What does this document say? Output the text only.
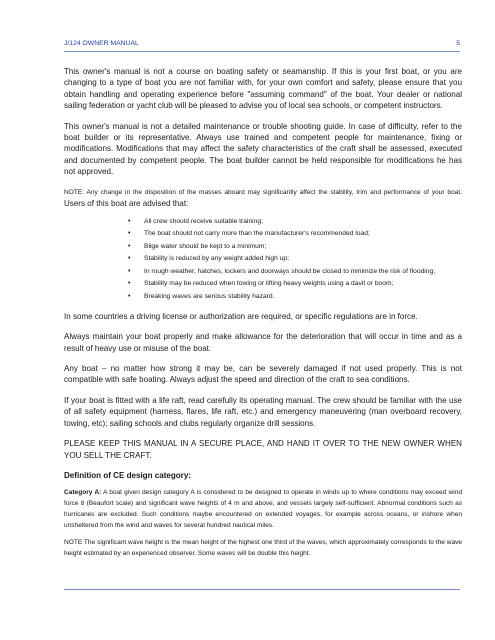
J/124 OWNER MANUAL	5

This owner's manual is not a course on boating safety or seamanship. If this is your first boat, or you are changing to a type of boat you are not familiar with, for your own comfort and safety, please ensure that you obtain handling and operating experience before "assuming command" of the boat. Your dealer or national sailing federation or yacht club will be pleased to advise you of local sea schools, or competent instructors.

This owner's manual is not a detailed maintenance or trouble shooting guide. In case of difficulty, refer to the boat builder or its representative. Always use trained and competent people for maintenance, fixing or modifications. Modifications that may affect the safety characteristics of the craft shall be assessed, executed and documented by competent people. The boat builder cannot be held responsible for modifications he has not approved.

NOTE: Any change in the disposition of the masses aboard may significantly affect the stability, trim and performance of your boat. Users of this boat are advised that:

• All crew should receive suitable training;
• The boat should not carry more than the manufacturer's recommended load;
• Bilge water should be kept to a minimum;
• Stability is reduced by any weight added high up;
• In rough weather, hatches, lockers and doorways should be closed to minimize the risk of flooding;
• Stability may be reduced when towing or lifting heavy weights using a davit or boom;
• Breaking waves are serious stability hazard.

In some countries a driving license or authorization are required, or specific regulations are in force.

Always maintain your boat properly and make allowance for the deterioration that will occur in time and as a result of heavy use or misuse of the boat.

Any boat – no matter how strong it may be, can be severely damaged if not used properly. This is not compatible with safe boating. Always adjust the speed and direction of the craft to sea conditions.

If your boat is fitted with a life raft, read carefully its operating manual. The crew should be familiar with the use of all safety equipment (harness, flares, life raft, etc.) and emergency maneuvering (man overboard recovery, towing, etc); sailing schools and clubs regularly organize drill sessions.

PLEASE KEEP THIS MANUAL IN A SECURE PLACE, AND HAND IT OVER TO THE NEW OWNER WHEN YOU SELL THE CRAFT.

Definition of CE design category:

Category A: A boat given design category A is considered to be designed to operate in winds up to where conditions may exceed wind force 8 (Beaufort scale) and significant wave heights of 4 m and above, and vessels largely self-sufficient. Abnormal conditions such as hurricanes are excluded. Such conditions maybe encountered on extended voyages, for example across oceans, or inshore when unsheltered from the wind and waves for several hundred nautical miles.

NOTE The significant wave height is the mean height of the highest one third of the waves, which approximately corresponds to the wave height estimated by an experienced observer. Some waves will be double this height.
